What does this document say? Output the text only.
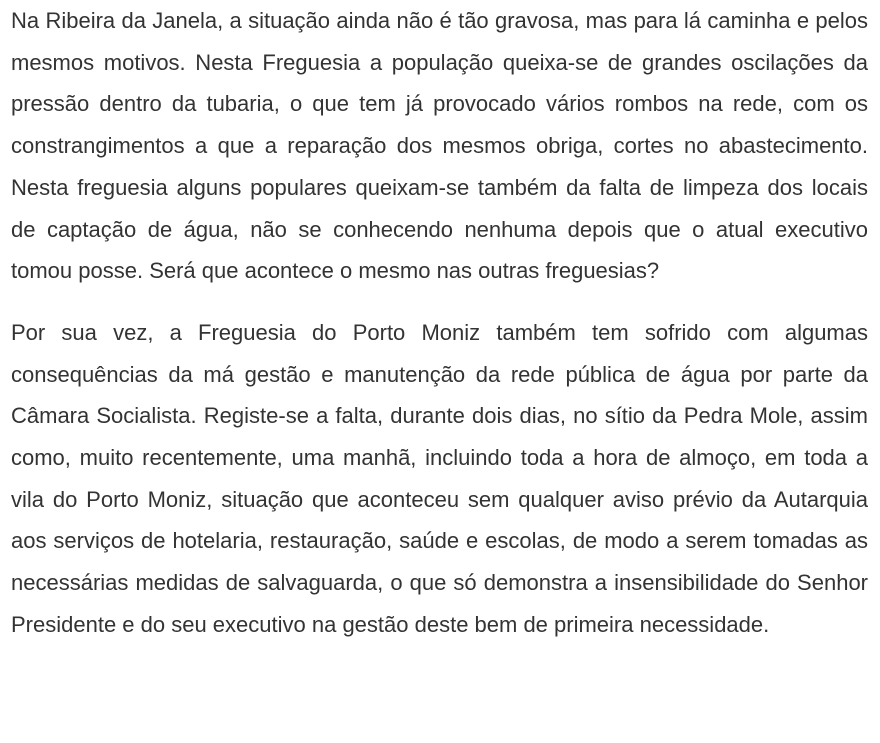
Na Ribeira da Janela, a situação ainda não é tão gravosa, mas para lá caminha e pelos mesmos motivos. Nesta Freguesia a população queixa-se de grandes oscilações da pressão dentro da tubaria, o que tem já provocado vários rombos na rede, com os constrangimentos a que a reparação dos mesmos obriga, cortes no abastecimento. Nesta freguesia alguns populares queixam-se também da falta de limpeza dos locais de captação de água, não se conhecendo nenhuma depois que o atual executivo tomou posse. Será que acontece o mesmo nas outras freguesias?

Por sua vez, a Freguesia do Porto Moniz também tem sofrido com algumas consequências da má gestão e manutenção da rede pública de água por parte da Câmara Socialista. Registe-se a falta, durante dois dias, no sítio da Pedra Mole, assim como, muito recentemente, uma manhã, incluindo toda a hora de almoço, em toda a vila do Porto Moniz, situação que aconteceu sem qualquer aviso prévio da Autarquia aos serviços de hotelaria, restauração, saúde e escolas, de modo a serem tomadas as necessárias medidas de salvaguarda, o que só demonstra a insensibilidade do Senhor Presidente e do seu executivo na gestão deste bem de primeira necessidade.
